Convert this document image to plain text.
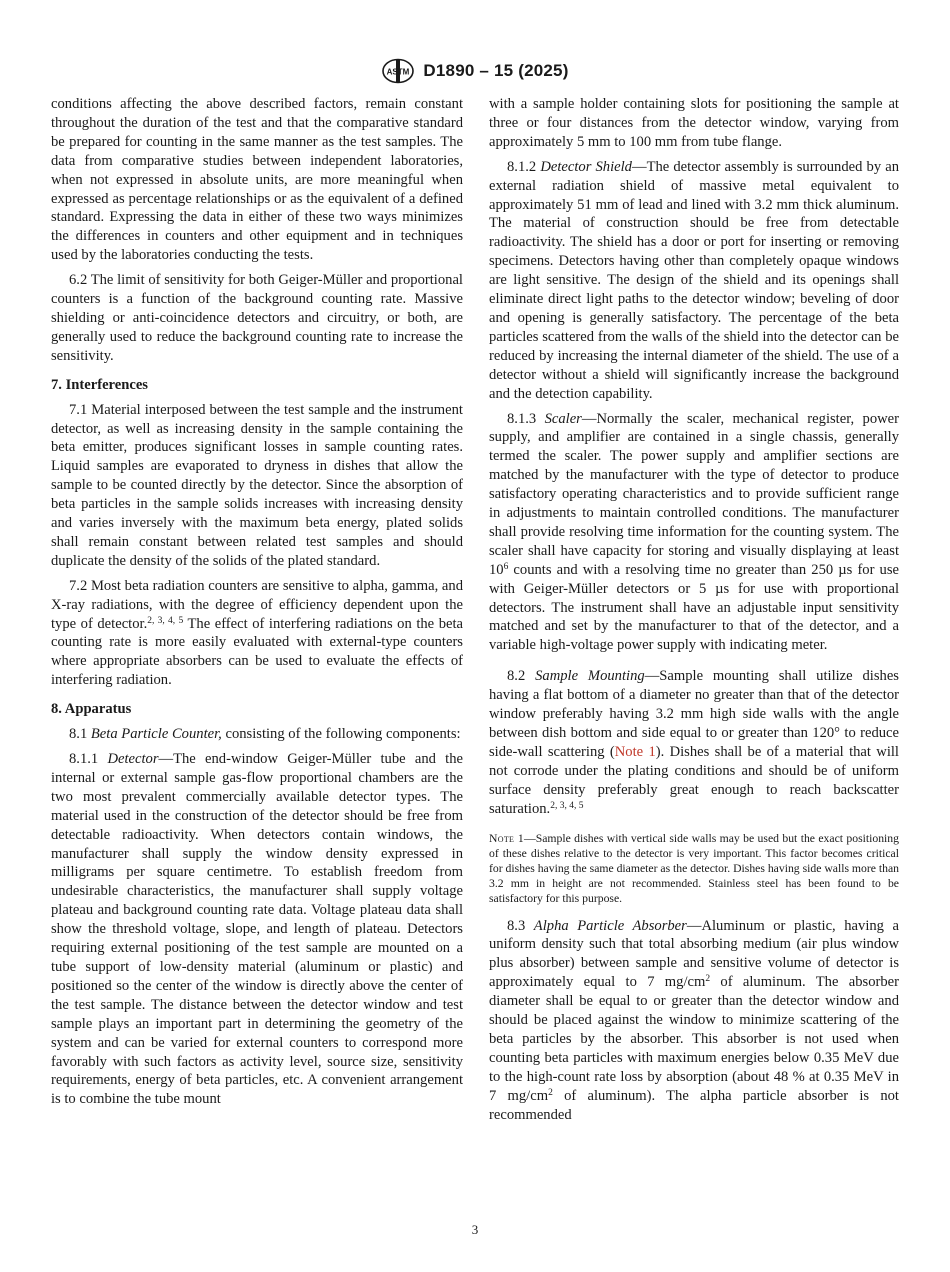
ASTM D1890 – 15 (2025)

conditions affecting the above described factors, remain constant throughout the duration of the test and that the comparative standard be prepared for counting in the same manner as the test samples. The data from comparative studies between independent laboratories, when not expressed in absolute units, are more meaningful when expressed as percentage relationships or as the equivalent of a defined standard. Expressing the data in either of these two ways minimizes the differences in counters and other equipment and in techniques used by the laboratories conducting the tests.

6.2 The limit of sensitivity for both Geiger-Müller and proportional counters is a function of the background counting rate. Massive shielding or anti-coincidence detectors and circuitry, or both, are generally used to reduce the background counting rate to increase the sensitivity.

7. Interferences

7.1 Material interposed between the test sample and the instrument detector, as well as increasing density in the sample containing the beta emitter, produces significant losses in sample counting rates. Liquid samples are evaporated to dryness in dishes that allow the sample to be counted directly by the detector. Since the absorption of beta particles in the sample solids increases with increasing density and varies inversely with the maximum beta energy, plated solids shall remain constant between related test samples and should duplicate the density of the solids of the plated standard.

7.2 Most beta radiation counters are sensitive to alpha, gamma, and X-ray radiations, with the degree of efficiency dependent upon the type of detector.$^{2, 3, 4, 5}$ The effect of interfering radiations on the beta counting rate is more easily evaluated with external-type counters where appropriate absorbers can be used to evaluate the effects of interfering radiation.

8. Apparatus

8.1 Beta Particle Counter, consisting of the following components:

8.1.1 Detector—The end-window Geiger-Müller tube and the internal or external sample gas-flow proportional chambers are the two most prevalent commercially available detector types. The material used in the construction of the detector should be free from detectable radioactivity. When detectors contain windows, the manufacturer shall supply the window density expressed in milligrams per square centimetre. To establish freedom from undesirable characteristics, the manufacturer shall supply voltage plateau and background counting rate data. Voltage plateau data shall show the threshold voltage, slope, and length of plateau. Detectors requiring external positioning of the test sample are mounted on a tube support of low-density material (aluminum or plastic) and positioned so the center of the window is directly above the center of the test sample. The distance between the detector window and test sample plays an important part in determining the geometry of the system and can be varied for external counters to correspond more favorably with such factors as activity level, source size, sensitivity requirements, energy of beta particles, etc. A convenient arrangement is to combine the tube mount

with a sample holder containing slots for positioning the sample at three or four distances from the detector window, varying from approximately 5 mm to 100 mm from tube flange.

8.1.2 Detector Shield—The detector assembly is surrounded by an external radiation shield of massive metal equivalent to approximately 51 mm of lead and lined with 3.2 mm thick aluminum. The material of construction should be free from detectable radioactivity. The shield has a door or port for inserting or removing specimens. Detectors having other than completely opaque windows are light sensitive. The design of the shield and its openings shall eliminate direct light paths to the detector window; beveling of door and opening is generally satisfactory. The percentage of the beta particles scattered from the walls of the shield into the detector can be reduced by increasing the internal diameter of the shield. The use of a detector without a shield will significantly increase the background and the detection capability.

8.1.3 Scaler—Normally the scaler, mechanical register, power supply, and amplifier are contained in a single chassis, generally termed the scaler. The power supply and amplifier sections are matched by the manufacturer with the type of detector to produce satisfactory operating characteristics and to provide sufficient range in adjustments to maintain controlled conditions. The manufacturer shall provide resolving time information for the counting system. The scaler shall have capacity for storing and visually displaying at least $10^6$ counts and with a resolving time no greater than 250 µs for use with Geiger-Müller detectors or 5 µs for use with proportional detectors. The instrument shall have an adjustable input sensitivity matched and set by the manufacturer to that of the detector, and a variable high-voltage power supply with indicating meter.

8.2 Sample Mounting—Sample mounting shall utilize dishes having a flat bottom of a diameter no greater than that of the detector window preferably having 3.2 mm high side walls with the angle between dish bottom and side equal to or greater than 120° to reduce side-wall scattering (Note 1). Dishes shall be of a material that will not corrode under the plating conditions and should be of uniform surface density preferably great enough to reach backscatter saturation.$^{2, 3, 4, 5}$

Note 1—Sample dishes with vertical side walls may be used but the exact positioning of these dishes relative to the detector is very important. This factor becomes critical for dishes having the same diameter as the detector. Dishes having side walls more than 3.2 mm in height are not recommended. Stainless steel has been found to be satisfactory for this purpose.

8.3 Alpha Particle Absorber—Aluminum or plastic, having a uniform density such that total absorbing medium (air plus window plus absorber) between sample and sensitive volume of detector is approximately equal to 7 $mg/cm^2$ of aluminum. The absorber diameter shall be equal to or greater than the detector window and should be placed against the window to minimize scattering of the beta particles by the absorber. This absorber is not used when counting beta particles with maximum energies below 0.35 MeV due to the high-count rate loss by absorption (about 48 % at 0.35 MeV in 7 $mg/cm^2$ of aluminum). The alpha particle absorber is not recommended

3
